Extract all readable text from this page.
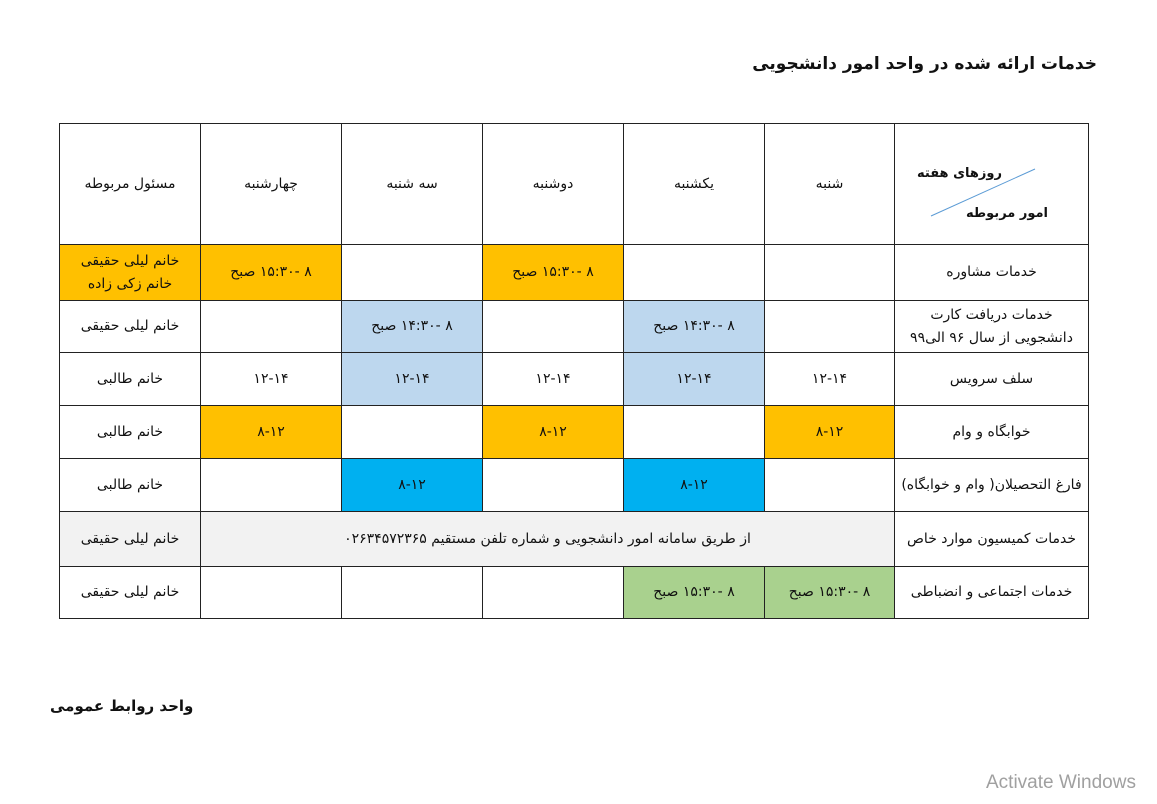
خدمات ارائه شده در واحد امور دانشجویی
روزهای هفته
امور مربوطه	شنبه	یکشنبه	دوشنبه	سه شنبه	چهارشنبه	مسئول مربوطه
خدمات مشاوره			۸ -۱۵:۳۰ صبح		۸ -۱۵:۳۰ صبح	خانم لیلی حقیقی خانم زکی زاده
خدمات دریافت کارت دانشجویی از سال ۹۶ الی۹۹		۸ -۱۴:۳۰ صبح		۸ -۱۴:۳۰ صبح		خانم لیلی حقیقی
سلف سرویس	۱۲-۱۴	۱۲-۱۴	۱۲-۱۴	۱۲-۱۴	۱۲-۱۴	خانم طالبی
خوابگاه و وام	۸-۱۲		۸-۱۲		۸-۱۲	خانم طالبی
فارغ التحصیلان( وام و خوابگاه)		۸-۱۲		۸-۱۲		خانم طالبی
خدمات کمیسیون موارد خاص	از طریق سامانه امور دانشجویی و شماره تلفن مستقیم ۰۲۶۳۴۵۷۲۳۶۵					خانم لیلی حقیقی
خدمات اجتماعی و انضباطی	۸ -۱۵:۳۰ صبح	۸ -۱۵:۳۰ صبح				خانم لیلی حقیقی
واحد روابط عمومی
Activate Windows
